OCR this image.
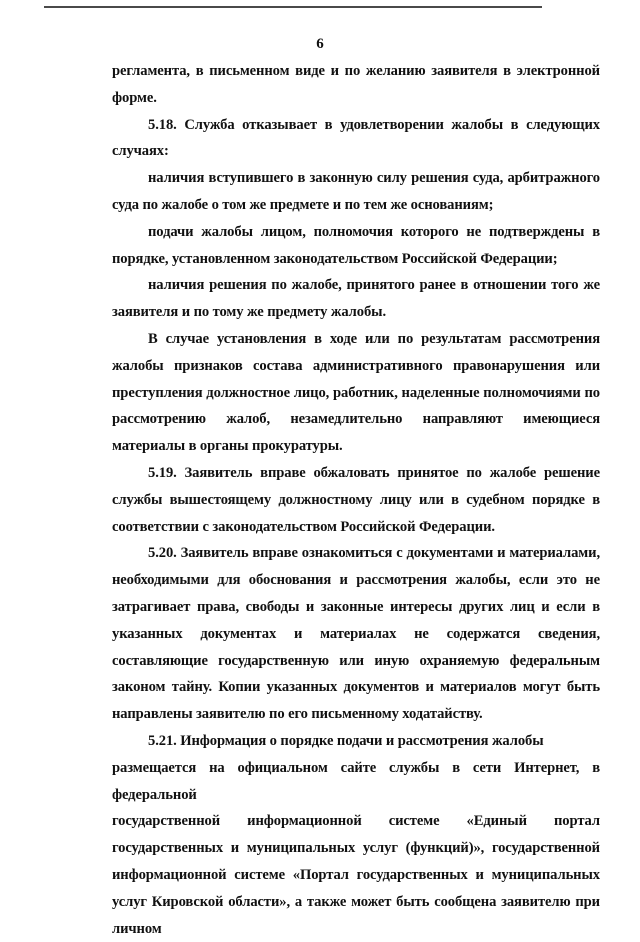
6

регламента, в письменном виде и по желанию заявителя в электронной форме.

5.18. Служба отказывает в удовлетворении жалобы в следующих случаях:

наличия вступившего в законную силу решения суда, арбитражного суда по жалобе о том же предмете и по тем же основаниям;

подачи жалобы лицом, полномочия которого не подтверждены в порядке, установленном законодательством Российской Федерации;

наличия решения по жалобе, принятого ранее в отношении того же заявителя и по тому же предмету жалобы.

В случае установления в ходе или по результатам рассмотрения жалобы признаков состава административного правонарушения или преступления должностное лицо, работник, наделенные полномочиями по рассмотрению жалоб, незамедлительно направляют имеющиеся материалы в органы прокуратуры.

5.19. Заявитель вправе обжаловать принятое по жалобе решение службы вышестоящему должностному лицу или в судебном порядке в соответствии с законодательством Российской Федерации.

5.20. Заявитель вправе ознакомиться с документами и материалами, необходимыми для обоснования и рассмотрения жалобы, если это не затрагивает права, свободы и законные интересы других лиц и если в указанных документах и материалах не содержатся сведения, составляющие государственную или иную охраняемую федеральным законом тайну. Копии указанных документов и материалов могут быть направлены заявителю по его письменному ходатайству.

5.21. Информация о порядке подачи и рассмотрения жалобы
размещается на официальном сайте службы в сети Интернет, в федеральной
государственной информационной системе «Единый портал
государственных и муниципальных услуг (функций)», государственной информационной системе «Портал государственных и муниципальных услуг Кировской области», а также может быть сообщена заявителю при личном
